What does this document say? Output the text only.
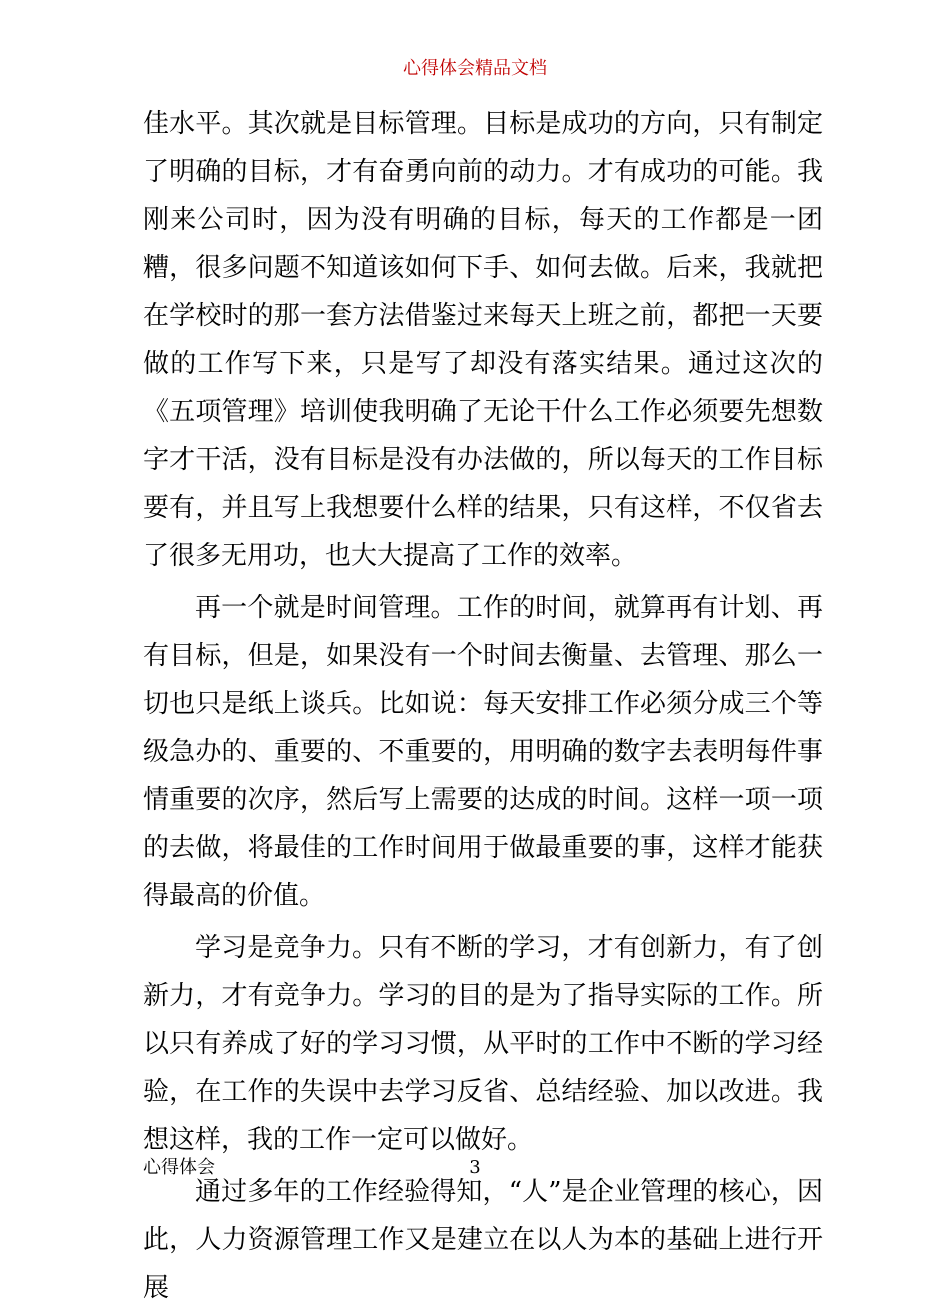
心得体会精品文档

佳水平。其次就是目标管理。目标是成功的方向，只有制定了明确的目标，才有奋勇向前的动力。才有成功的可能。我刚来公司时，因为没有明确的目标，每天的工作都是一团糟，很多问题不知道该如何下手、如何去做。后来，我就把在学校时的那一套方法借鉴过来每天上班之前，都把一天要做的工作写下来，只是写了却没有落实结果。通过这次的《五项管理》培训使我明确了无论干什么工作必须要先想数字才干活，没有目标是没有办法做的，所以每天的工作目标要有，并且写上我想要什么样的结果，只有这样，不仅省去了很多无用功，也大大提高了工作的效率。

再一个就是时间管理。工作的时间，就算再有计划、再有目标，但是，如果没有一个时间去衡量、去管理、那么一切也只是纸上谈兵。比如说：每天安排工作必须分成三个等级急办的、重要的、不重要的，用明确的数字去表明每件事情重要的次序，然后写上需要的达成的时间。这样一项一项的去做，将最佳的工作时间用于做最重要的事，这样才能获得最高的价值。

学习是竞争力。只有不断的学习，才有创新力，有了创新力，才有竞争力。学习的目的是为了指导实际的工作。所以只有养成了好的学习习惯，从平时的工作中不断的学习经验，在工作的失误中去学习反省、总结经验、加以改进。我想这样，我的工作一定可以做好。

通过多年的工作经验得知，“人”是企业管理的核心，因此，人力资源管理工作又是建立在以人为本的基础上进行开展

心得体会	3
